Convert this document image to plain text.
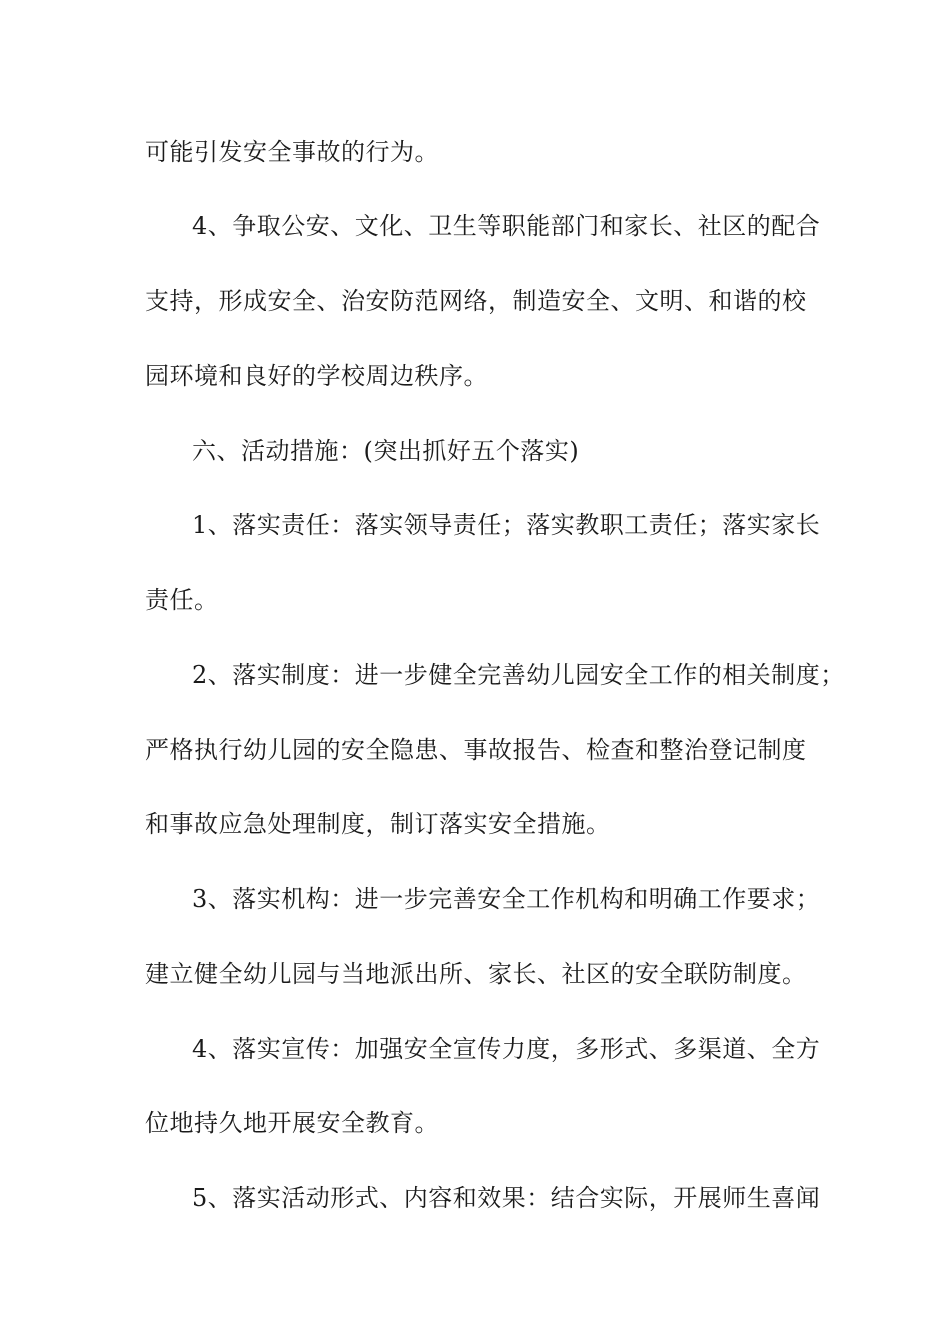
可能引发安全事故的行为。
4、争取公安、文化、卫生等职能部门和家长、社区的配合
支持，形成安全、治安防范网络，制造安全、文明、和谐的校
园环境和良好的学校周边秩序。
六、活动措施：(突出抓好五个落实)
1、落实责任：落实领导责任；落实教职工责任；落实家长
责任。
2、落实制度：进一步健全完善幼儿园安全工作的相关制度；
严格执行幼儿园的安全隐患、事故报告、检查和整治登记制度
和事故应急处理制度，制订落实安全措施。
3、落实机构：进一步完善安全工作机构和明确工作要求；
建立健全幼儿园与当地派出所、家长、社区的安全联防制度。
4、落实宣传：加强安全宣传力度，多形式、多渠道、全方
位地持久地开展安全教育。
5、落实活动形式、内容和效果：结合实际，开展师生喜闻
